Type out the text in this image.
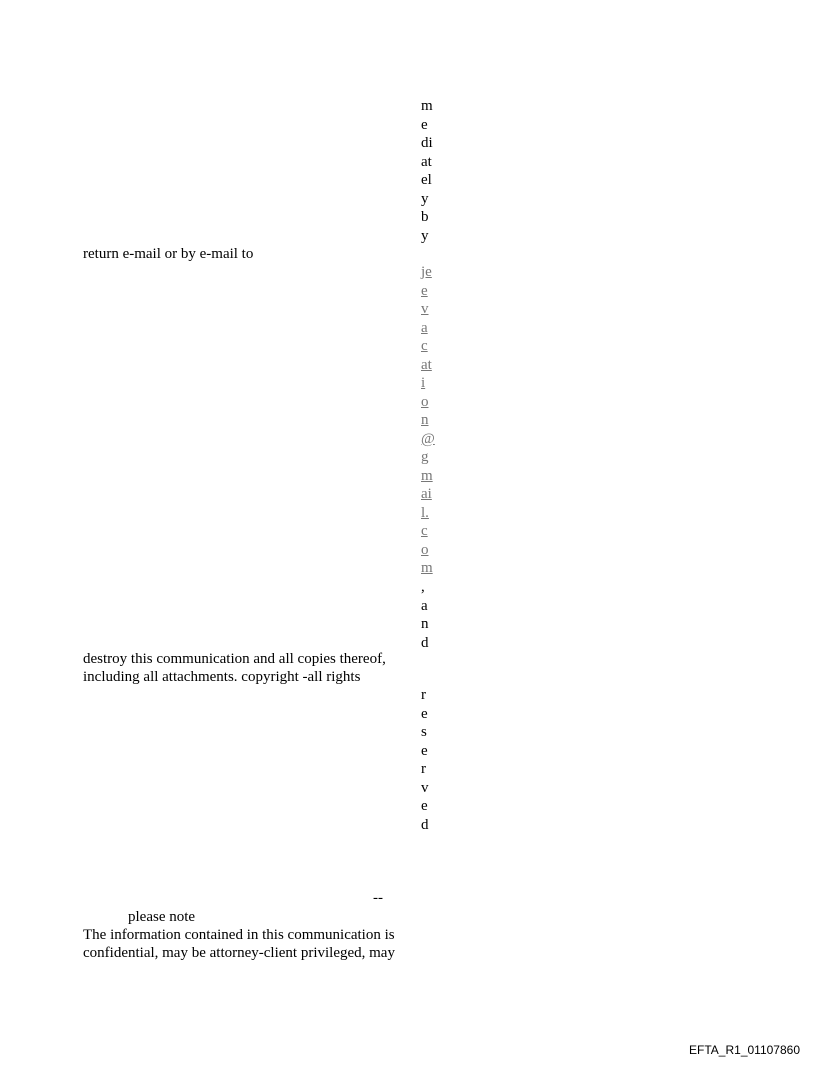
m
e
di
at
el
y
b
y
return e-mail or by e-mail to
je
e
v
a
c
at
i
o
n
@
g
m
ai
l.
c
o
m
,
a
n
d
destroy this communication and all copies thereof,
including all attachments. copyright -all rights
r
e
s
e
r
v
e
d
--
please note
The information contained in this communication is
confidential, may be attorney-client privileged, may
EFTA_R1_01107860
